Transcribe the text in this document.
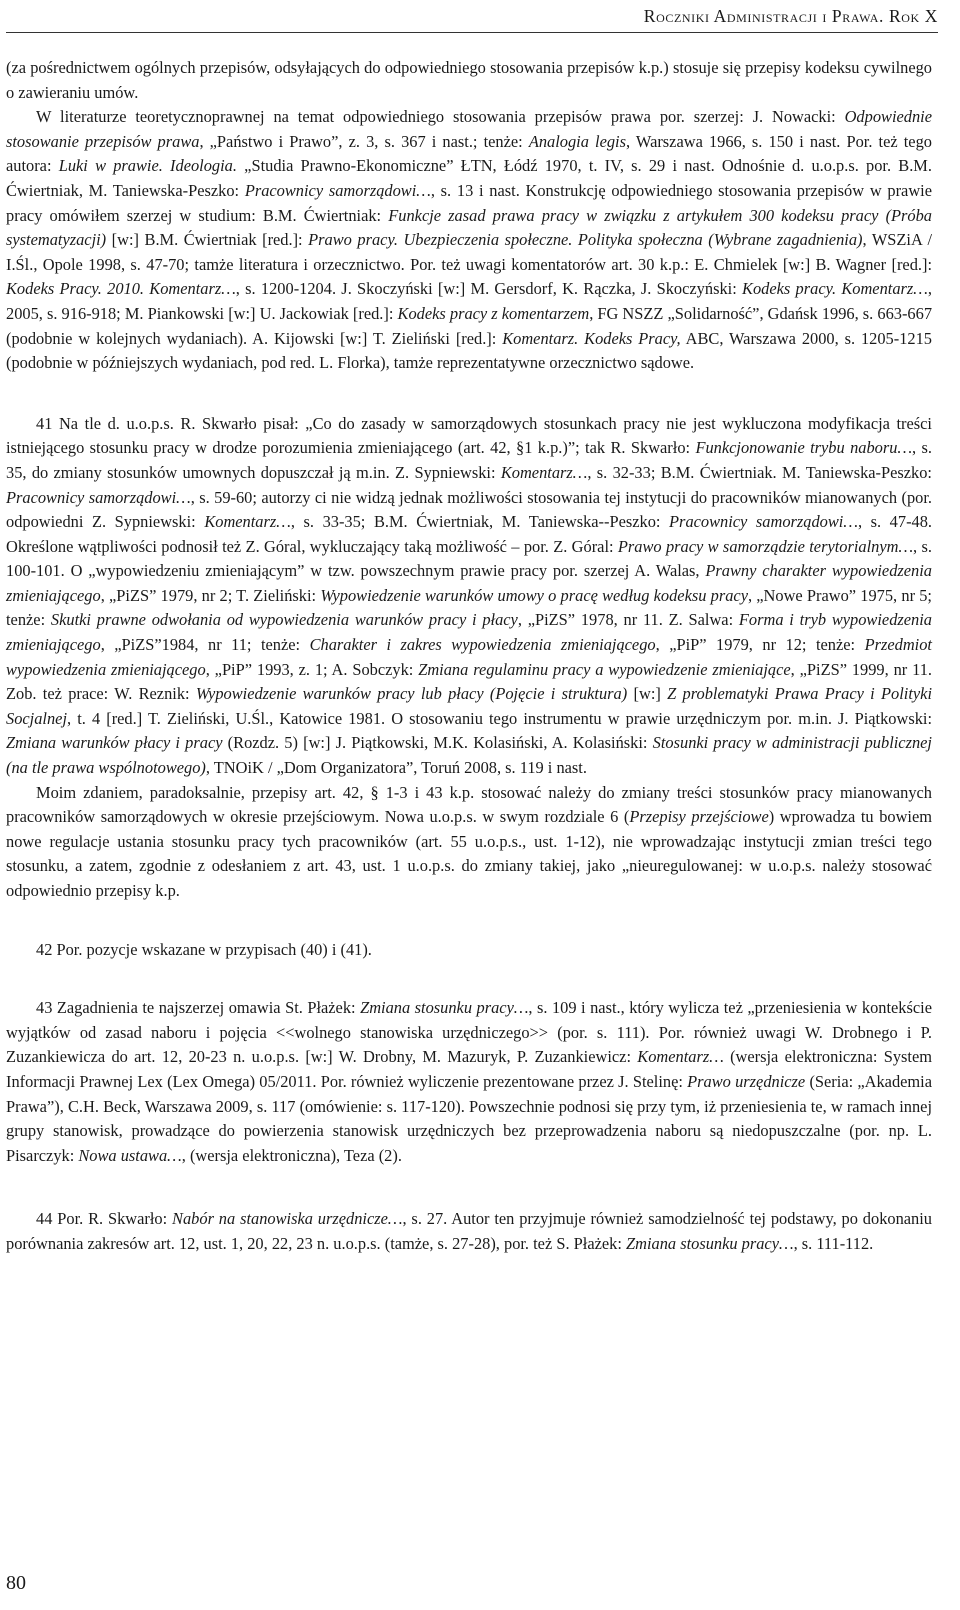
Roczniki Administracji i Prawa. Rok X

(za pośrednictwem ogólnych przepisów, odsyłających do odpowiedniego stosowania przepisów k.p.) stosuje się przepisy kodeksu cywilnego o zawieraniu umów.

W literaturze teoretycznoprawnej na temat odpowiedniego stosowania przepisów prawa por. szerzej: J. Nowacki: Odpowiednie stosowanie przepisów prawa, „Państwo i Prawo”, z. 3, s. 367 i nast.; tenże: Analogia legis, Warszawa 1966, s. 150 i nast. Por. też tego autora: Luki w prawie. Ideologia. „Studia Prawno-Ekonomiczne” ŁTN, Łódź 1970, t. IV, s. 29 i nast. Odnośnie d. u.o.p.s. por. B.M. Ćwiertniak, M. Taniewska-Peszko: Pracownicy samorządowi…, s. 13 i nast. Konstrukcję odpowiedniego stosowania przepisów w prawie pracy omówiłem szerzej w studium: B.M. Ćwiertniak: Funkcje zasad prawa pracy w związku z artykułem 300 kodeksu pracy (Próba systematyzacji) [w:] B.M. Ćwiertniak [red.]: Prawo pracy. Ubezpieczenia społeczne. Polityka społeczna (Wybrane zagadnienia), WSZiA / I.Śl., Opole 1998, s. 47-70; tamże literatura i orzecznictwo. Por. też uwagi komentatorów art. 30 k.p.: E. Chmielek [w:] B. Wagner [red.]: Kodeks Pracy. 2010. Komentarz…, s. 1200-1204. J. Skoczyński [w:] M. Gersdorf, K. Rączka, J. Skoczyński: Kodeks pracy. Komentarz…, 2005, s. 916-918; M. Piankowski [w:] U. Jackowiak [red.]: Kodeks pracy z komentarzem, FG NSZZ „Solidarność”, Gdańsk 1996, s. 663-667 (podobnie w kolejnych wydaniach). A. Kijowski [w:] T. Zieliński [red.]: Komentarz. Kodeks Pracy, ABC, Warszawa 2000, s. 1205-1215 (podobnie w późniejszych wydaniach, pod red. L. Florka), tamże reprezentatywne orzecznictwo sądowe.

41 Na tle d. u.o.p.s. R. Skwarło pisał: „Co do zasady w samorządowych stosunkach pracy nie jest wykluczona modyfikacja treści istniejącego stosunku pracy w drodze porozumienia zmieniającego (art. 42, §1 k.p.)”; tak R. Skwarło: Funkcjonowanie trybu naboru…, s. 35, do zmiany stosunków umownych dopuszczał ją m.in. Z. Sypniewski: Komentarz…, s. 32-33; B.M. Ćwiertniak. M. Taniewska-Peszko: Pracownicy samorządowi…, s. 59-60; autorzy ci nie widzą jednak możliwości stosowania tej instytucji do pracowników mianowanych (por. odpowiedni Z. Sypniewski: Komentarz…, s. 33-35; B.M. Ćwiertniak, M. Taniewska--Peszko: Pracownicy samorządowi…, s. 47-48. Określone wątpliwości podnosił też Z. Góral, wykluczający taką możliwość – por. Z. Góral: Prawo pracy w samorządzie terytorialnym…, s. 100-101. O „wypowiedzeniu zmieniającym” w tzw. powszechnym prawie pracy por. szerzej A. Walas, Prawny charakter wypowiedzenia zmieniającego, „PiZS” 1979, nr 2; T. Zieliński: Wypowiedzenie warunków umowy o pracę według kodeksu pracy, „Nowe Prawo” 1975, nr 5; tenże: Skutki prawne odwołania od wypowiedzenia warunków pracy i płacy, „PiZS” 1978, nr 11. Z. Salwa: Forma i tryb wypowiedzenia zmieniającego, „PiZS”1984, nr 11; tenże: Charakter i zakres wypowiedzenia zmieniającego, „PiP” 1979, nr 12; tenże: Przedmiot wypowiedzenia zmieniającego, „PiP” 1993, z. 1; A. Sobczyk: Zmiana regulaminu pracy a wypowiedzenie zmieniające, „PiZS” 1999, nr 11. Zob. też prace: W. Reznik: Wypowiedzenie warunków pracy lub płacy (Pojęcie i struktura) [w:] Z problematyki Prawa Pracy i Polityki Socjalnej, t. 4 [red.] T. Zieliński, U.Śl., Katowice 1981. O stosowaniu tego instrumentu w prawie urzędniczym por. m.in. J. Piątkowski: Zmiana warunków płacy i pracy (Rozdz. 5) [w:] J. Piątkowski, M.K. Kolasiński, A. Kolasiński: Stosunki pracy w administracji publicznej (na tle prawa wspólnotowego), TNOiK / „Dom Organizatora”, Toruń 2008, s. 119 i nast.

Moim zdaniem, paradoksalnie, przepisy art. 42, § 1-3 i 43 k.p. stosować należy do zmiany treści stosunków pracy mianowanych pracowników samorządowych w okresie przejściowym. Nowa u.o.p.s. w swym rozdziale 6 (Przepisy przejściowe) wprowadza tu bowiem nowe regulacje ustania stosunku pracy tych pracowników (art. 55 u.o.p.s., ust. 1-12), nie wprowadzając instytucji zmian treści tego stosunku, a zatem, zgodnie z odesłaniem z art. 43, ust. 1 u.o.p.s. do zmiany takiej, jako „nieuregulowanej: w u.o.p.s. należy stosować odpowiednio przepisy k.p.

42 Por. pozycje wskazane w przypisach (40) i (41).

43 Zagadnienia te najszerzej omawia St. Płażek: Zmiana stosunku pracy…, s. 109 i nast., który wylicza też „przeniesienia w kontekście wyjątków od zasad naboru i pojęcia <<wolnego stanowiska urzędniczego>> (por. s. 111). Por. również uwagi W. Drobnego i P. Zuzankiewicza do art. 12, 20-23 n. u.o.p.s. [w:] W. Drobny, M. Mazuryk, P. Zuzankiewicz: Komentarz… (wersja elektroniczna: System Informacji Prawnej Lex (Lex Omega) 05/2011. Por. również wyliczenie prezentowane przez J. Stelinę: Prawo urzędnicze (Seria: „Akademia Prawa”), C.H. Beck, Warszawa 2009, s. 117 (omówienie: s. 117-120). Powszechnie podnosi się przy tym, iż przeniesienia te, w ramach innej grupy stanowisk, prowadzące do powierzenia stanowisk urzędniczych bez przeprowadzenia naboru są niedopuszczalne (por. np. L. Pisarczyk: Nowa ustawa…, (wersja elektroniczna), Teza (2).

44 Por. R. Skwarło: Nabór na stanowiska urzędnicze…, s. 27. Autor ten przyjmuje również samodzielność tej podstawy, po dokonaniu porównania zakresów art. 12, ust. 1, 20, 22, 23 n. u.o.p.s. (tamże, s. 27-28), por. też S. Płażek: Zmiana stosunku pracy…, s. 111-112.

80
